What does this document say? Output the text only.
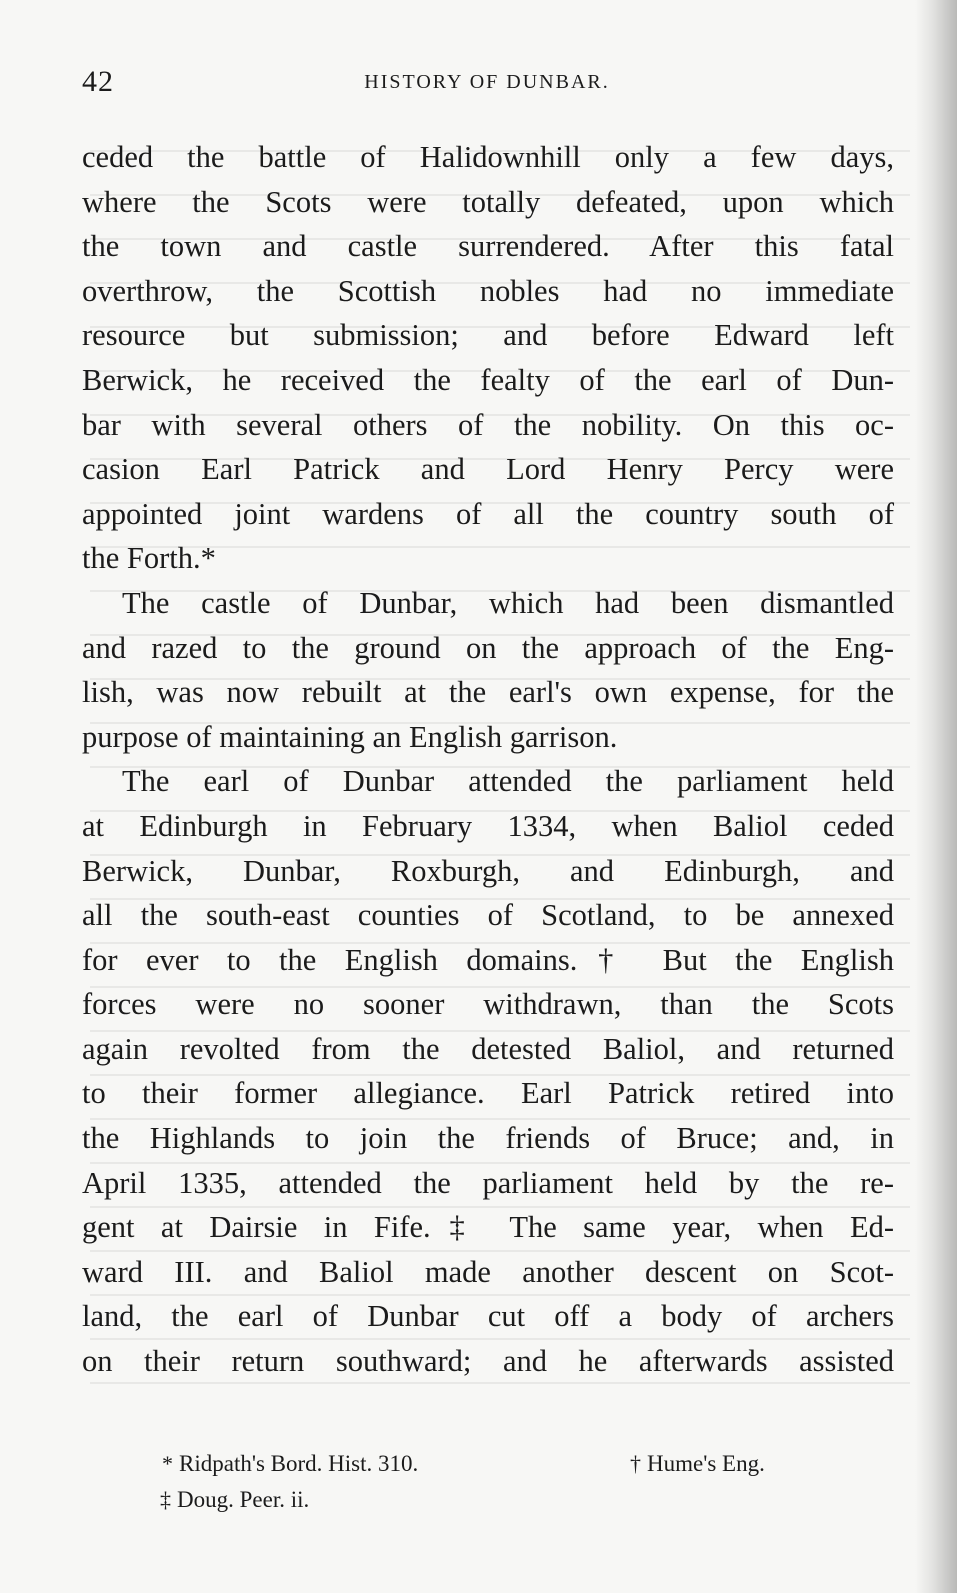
42	HISTORY OF DUNBAR.
ceded the battle of Halidownhill only a few days,
where the Scots were totally defeated, upon which
the town and castle surrendered. After this fatal
overthrow, the Scottish nobles had no immediate
resource but submission; and before Edward left
Berwick, he received the fealty of the earl of Dun-
bar with several others of the nobility. On this oc-
casion Earl Patrick and Lord Henry Percy were
appointed joint wardens of all the country south of
the Forth.*
The castle of Dunbar, which had been dismantled
and razed to the ground on the approach of the Eng-
lish, was now rebuilt at the earl's own expense, for the
purpose of maintaining an English garrison.
The earl of Dunbar attended the parliament held
at Edinburgh in February 1334, when Baliol ceded
Berwick, Dunbar, Roxburgh, and Edinburgh, and
all the south-east counties of Scotland, to be annexed
for ever to the English domains.† But the English
forces were no sooner withdrawn, than the Scots
again revolted from the detested Baliol, and returned
to their former allegiance. Earl Patrick retired into
the Highlands to join the friends of Bruce; and, in
April 1335, attended the parliament held by the re-
gent at Dairsie in Fife.‡ The same year, when Ed-
ward III. and Baliol made another descent on Scot-
land, the earl of Dunbar cut off a body of archers
on their return southward; and he afterwards assisted
* Ridpath's Bord. Hist. 310.	† Hume's Eng.
‡ Doug. Peer. ii.
